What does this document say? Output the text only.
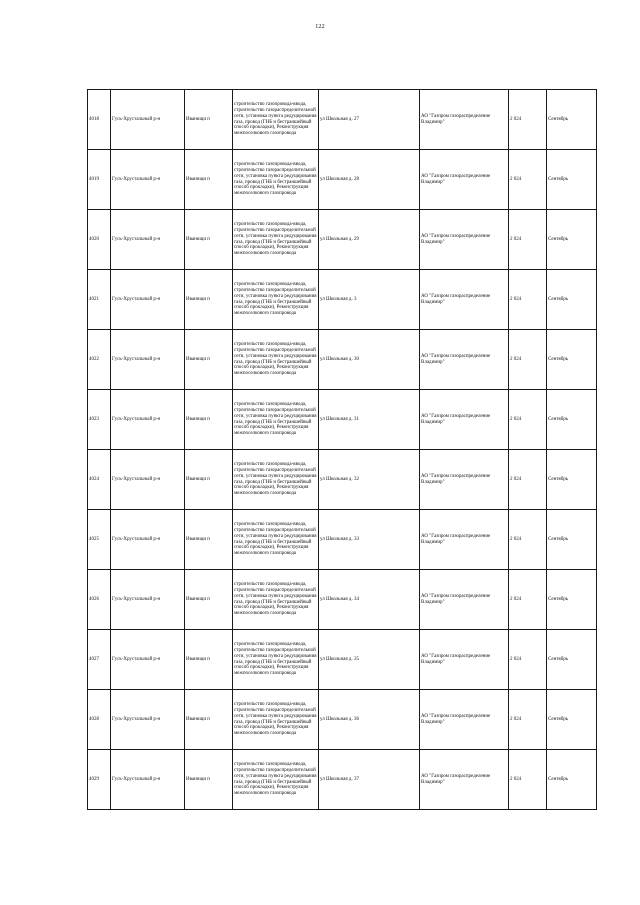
122
4018	Гусь-Хрустальный р-н	Иванищи п	строительство газопровода-ввода, строительство газораспределительной сети, установка пункта редуцирования газа, провод (ГНБ и бестраншейный способ прокладки), Реконструкция межпоселкового газопровода	ул Школьная д. 27	АО "Газпром газораспределение Владимир"	2 024	Сентябрь
4019	Гусь-Хрустальный р-н	Иванищи п	строительство газопровода-ввода, строительство газораспределительной сети, установка пункта редуцирования газа, провод (ГНБ и бестраншейный способ прокладки), Реконструкция межпоселкового газопровода	ул Школьная д. 28	АО "Газпром газораспределение Владимир"	2 024	Сентябрь
4020	Гусь-Хрустальный р-н	Иванищи п	строительство газопровода-ввода, строительство газораспределительной сети, установка пункта редуцирования газа, провод (ГНБ и бестраншейный способ прокладки), Реконструкция межпоселкового газопровода	ул Школьная д. 29	АО "Газпром газораспределение Владимир"	2 024	Сентябрь
4021	Гусь-Хрустальный р-н	Иванищи п	строительство газопровода-ввода, строительство газораспределительной сети, установка пункта редуцирования газа, провод (ГНБ и бестраншейный способ прокладки), Реконструкция межпоселкового газопровода	ул Школьная д. 3	АО "Газпром газораспределение Владимир"	2 024	Сентябрь
4022	Гусь-Хрустальный р-н	Иванищи п	строительство газопровода-ввода, строительство газораспределительной сети, установка пункта редуцирования газа, провод (ГНБ и бестраншейный способ прокладки), Реконструкция межпоселкового газопровода	ул Школьная д. 30	АО "Газпром газораспределение Владимир"	2 024	Сентябрь
4023	Гусь-Хрустальный р-н	Иванищи п	строительство газопровода-ввода, строительство газораспределительной сети, установка пункта редуцирования газа, провод (ГНБ и бестраншейный способ прокладки), Реконструкция межпоселкового газопровода	ул Школьная д. 31	АО "Газпром газораспределение Владимир"	2 024	Сентябрь
4024	Гусь-Хрустальный р-н	Иванищи п	строительство газопровода-ввода, строительство газораспределительной сети, установка пункта редуцирования газа, провод (ГНБ и бестраншейный способ прокладки), Реконструкция межпоселкового газопровода	ул Школьная д. 32	АО "Газпром газораспределение Владимир"	2 024	Сентябрь
4025	Гусь-Хрустальный р-н	Иванищи п	строительство газопровода-ввода, строительство газораспределительной сети, установка пункта редуцирования газа, провод (ГНБ и бестраншейный способ прокладки), Реконструкция межпоселкового газопровода	ул Школьная д. 33	АО "Газпром газораспределение Владимир"	2 024	Сентябрь
4026	Гусь-Хрустальный р-н	Иванищи п	строительство газопровода-ввода, строительство газораспределительной сети, установка пункта редуцирования газа, провод (ГНБ и бестраншейный способ прокладки), Реконструкция межпоселкового газопровода	ул Школьная д. 34	АО "Газпром газораспределение Владимир"	2 024	Сентябрь
4027	Гусь-Хрустальный р-н	Иванищи п	строительство газопровода-ввода, строительство газораспределительной сети, установка пункта редуцирования газа, провод (ГНБ и бестраншейный способ прокладки), Реконструкция межпоселкового газопровода	ул Школьная д. 35	АО "Газпром газораспределение Владимир"	2 024	Сентябрь
4028	Гусь-Хрустальный р-н	Иванищи п	строительство газопровода-ввода, строительство газораспределительной сети, установка пункта редуцирования газа, провод (ГНБ и бестраншейный способ прокладки), Реконструкция межпоселкового газопровода	ул Школьная д. 36	АО "Газпром газораспределение Владимир"	2 024	Сентябрь
4029	Гусь-Хрустальный р-н	Иванищи п	строительство газопровода-ввода, строительство газораспределительной сети, установка пункта редуцирования газа, провод (ГНБ и бестраншейный способ прокладки), Реконструкция межпоселкового газопровода	ул Школьная д. 37	АО "Газпром газораспределение Владимир"	2 024	Сентябрь
